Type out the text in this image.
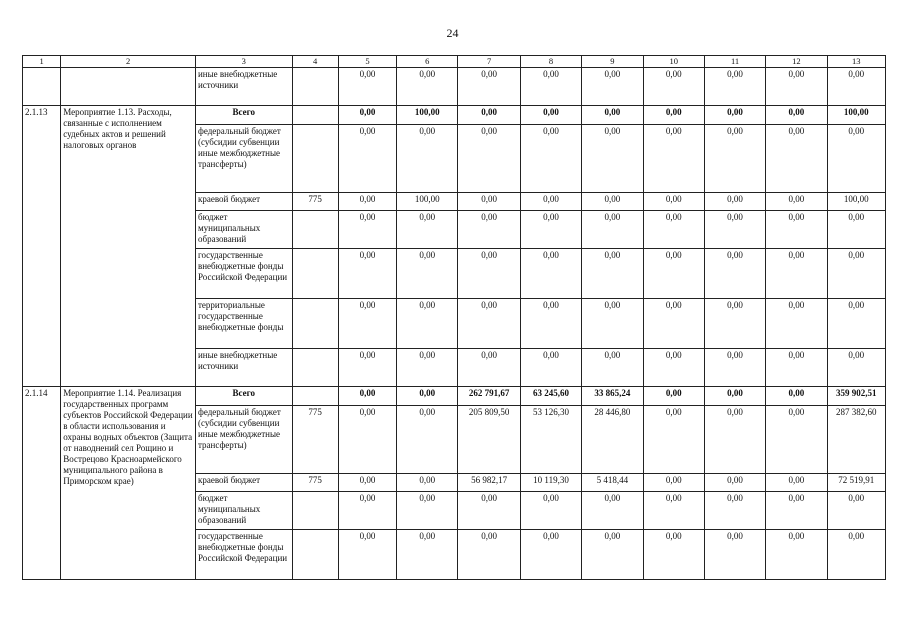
24
1	2	3	4	5	6	7	8	9	10	11	12	13
		иные внебюджетные источники		0,00	0,00	0,00	0,00	0,00	0,00	0,00	0,00	0,00
2.1.13	Мероприятие 1.13. Расходы, связанные с исполнением судебных актов и решений налоговых органов	Всего		0,00	100,00	0,00	0,00	0,00	0,00	0,00	0,00	100,00
		федеральный бюджет (субсидии субвенции иные межбюджетные трансферты)		0,00	0,00	0,00	0,00	0,00	0,00	0,00	0,00	0,00
		краевой бюджет	775	0,00	100,00	0,00	0,00	0,00	0,00	0,00	0,00	100,00
		бюджет муниципальных образований		0,00	0,00	0,00	0,00	0,00	0,00	0,00	0,00	0,00
		государственные внебюджетные фонды Российской Федерации		0,00	0,00	0,00	0,00	0,00	0,00	0,00	0,00	0,00
		территориальные государственные внебюджетные фонды		0,00	0,00	0,00	0,00	0,00	0,00	0,00	0,00	0,00
		иные внебюджетные источники		0,00	0,00	0,00	0,00	0,00	0,00	0,00	0,00	0,00
2.1.14	Мероприятие 1.14. Реализация государственных программ субъектов Российской Федерации в области использования и охраны водных объектов (Защита от наводнений сел Рощино и Вострецово Красноармейского муниципального района в Приморском крае)	Всего		0,00	0,00	262 791,67	63 245,60	33 865,24	0,00	0,00	0,00	359 902,51
		федеральный бюджет (субсидии субвенции иные межбюджетные трансферты)	775	0,00	0,00	205 809,50	53 126,30	28 446,80	0,00	0,00	0,00	287 382,60
		краевой бюджет	775	0,00	0,00	56 982,17	10 119,30	5 418,44	0,00	0,00	0,00	72 519,91
		бюджет муниципальных образований		0,00	0,00	0,00	0,00	0,00	0,00	0,00	0,00	0,00
		государственные внебюджетные фонды Российской Федерации		0,00	0,00	0,00	0,00	0,00	0,00	0,00	0,00	0,00
